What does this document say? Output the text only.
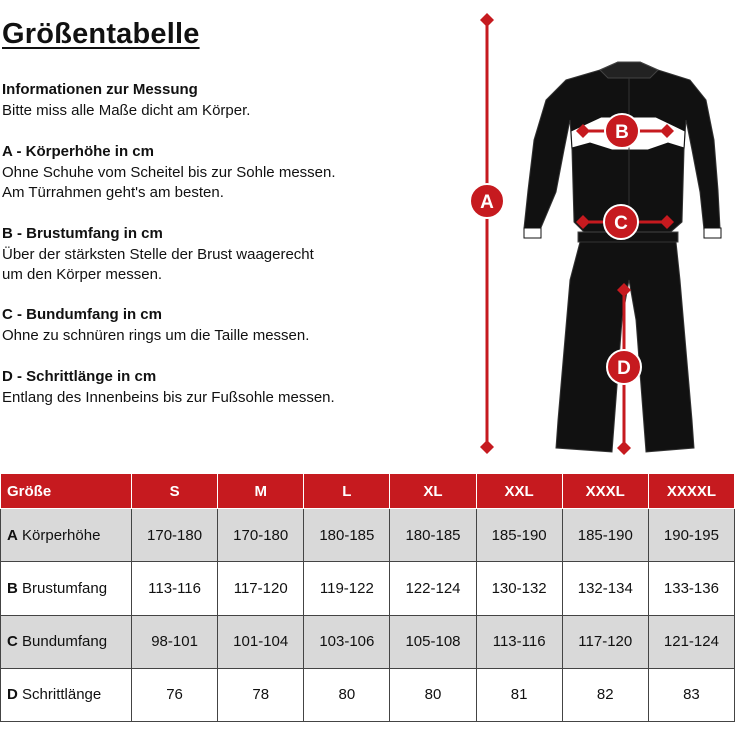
Größentabelle
Informationen zur Messung
Bitte miss alle Maße dicht am Körper.
A - Körperhöhe in cm
Ohne Schuhe vom Scheitel bis zur Sohle messen.
Am Türrahmen geht's am besten.
B - Brustumfang in cm
Über der stärksten Stelle der Brust waagerecht
um den Körper messen.
C - Bundumfang in cm
Ohne zu schnüren rings um die Taille messen.
D - Schrittlänge in cm
Entlang des Innenbeins bis zur Fußsohle messen.
A
B
C
D
Größe	S	M	L	XL	XXL	XXXL	XXXXL
A Körperhöhe	170-180	170-180	180-185	180-185	185-190	185-190	190-195
B Brustumfang	113-116	117-120	119-122	122-124	130-132	132-134	133-136
C Bundumfang	98-101	101-104	103-106	105-108	113-116	117-120	121-124
D Schrittlänge	76	78	80	80	81	82	83
